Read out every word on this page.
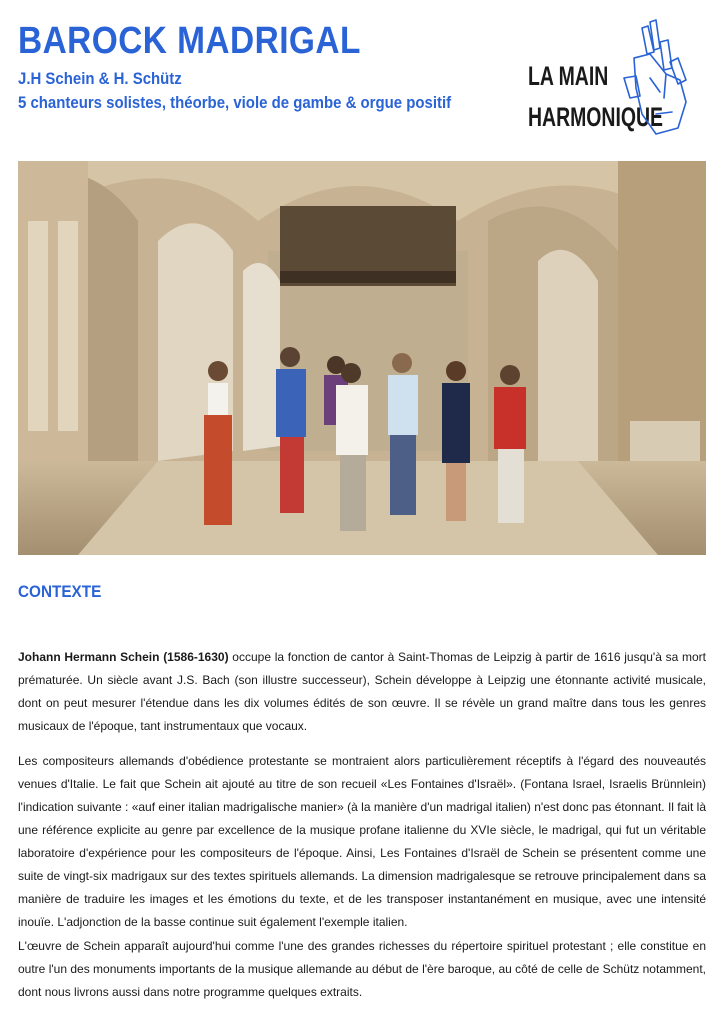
BAROCK MADRIGAL
J.H Schein & H. Schütz
5 chanteurs solistes, théorbe, viole de gambe & orgue positif
LA MAIN
HARMONIQUE
CONTEXTE

Johann Hermann Schein (1586-1630) occupe la fonction de cantor à Saint-Thomas de Leipzig à partir de 1616 jusqu'à sa mort prématurée. Un siècle avant J.S. Bach (son illustre successeur), Schein développe à Leipzig une étonnante activité musicale, dont on peut mesurer l'étendue dans les dix volumes édités de son œuvre. Il se révèle un grand maître dans tous les genres musicaux de l'époque, tant instrumentaux que vocaux.

Les compositeurs allemands d'obédience protestante se montraient alors particulièrement réceptifs à l'égard des nouveautés venues d'Italie. Le fait que Schein ait ajouté au titre de son recueil «Les Fontaines d'Israël». (Fontana Israel, Israelis Brünnlein) l'indication suivante : «auf einer italian madrigalische manier» (à la manière d'un madrigal italien) n'est donc pas étonnant. Il fait là une référence explicite au genre par excellence de la musique profane italienne du XVIe siècle, le madrigal, qui fut un véritable laboratoire d'expérience pour les compositeurs de l'époque. Ainsi, Les Fontaines d'Israël de Schein se présentent comme une suite de vingt-six madrigaux sur des textes spirituels allemands. La dimension madrigalesque se retrouve principalement dans sa manière de traduire les images et les émotions du texte, et de les transposer instantanément en musique, avec une intensité inouïe. L'adjonction de la basse continue suit également l'exemple italien.

L'œuvre de Schein apparaît aujourd'hui comme l'une des grandes richesses du répertoire spirituel protestant ; elle constitue en outre l'un des monuments importants de la musique allemande au début de l'ère baroque, au côté de celle de Schütz notamment, dont nous livrons aussi dans notre programme quelques extraits.
